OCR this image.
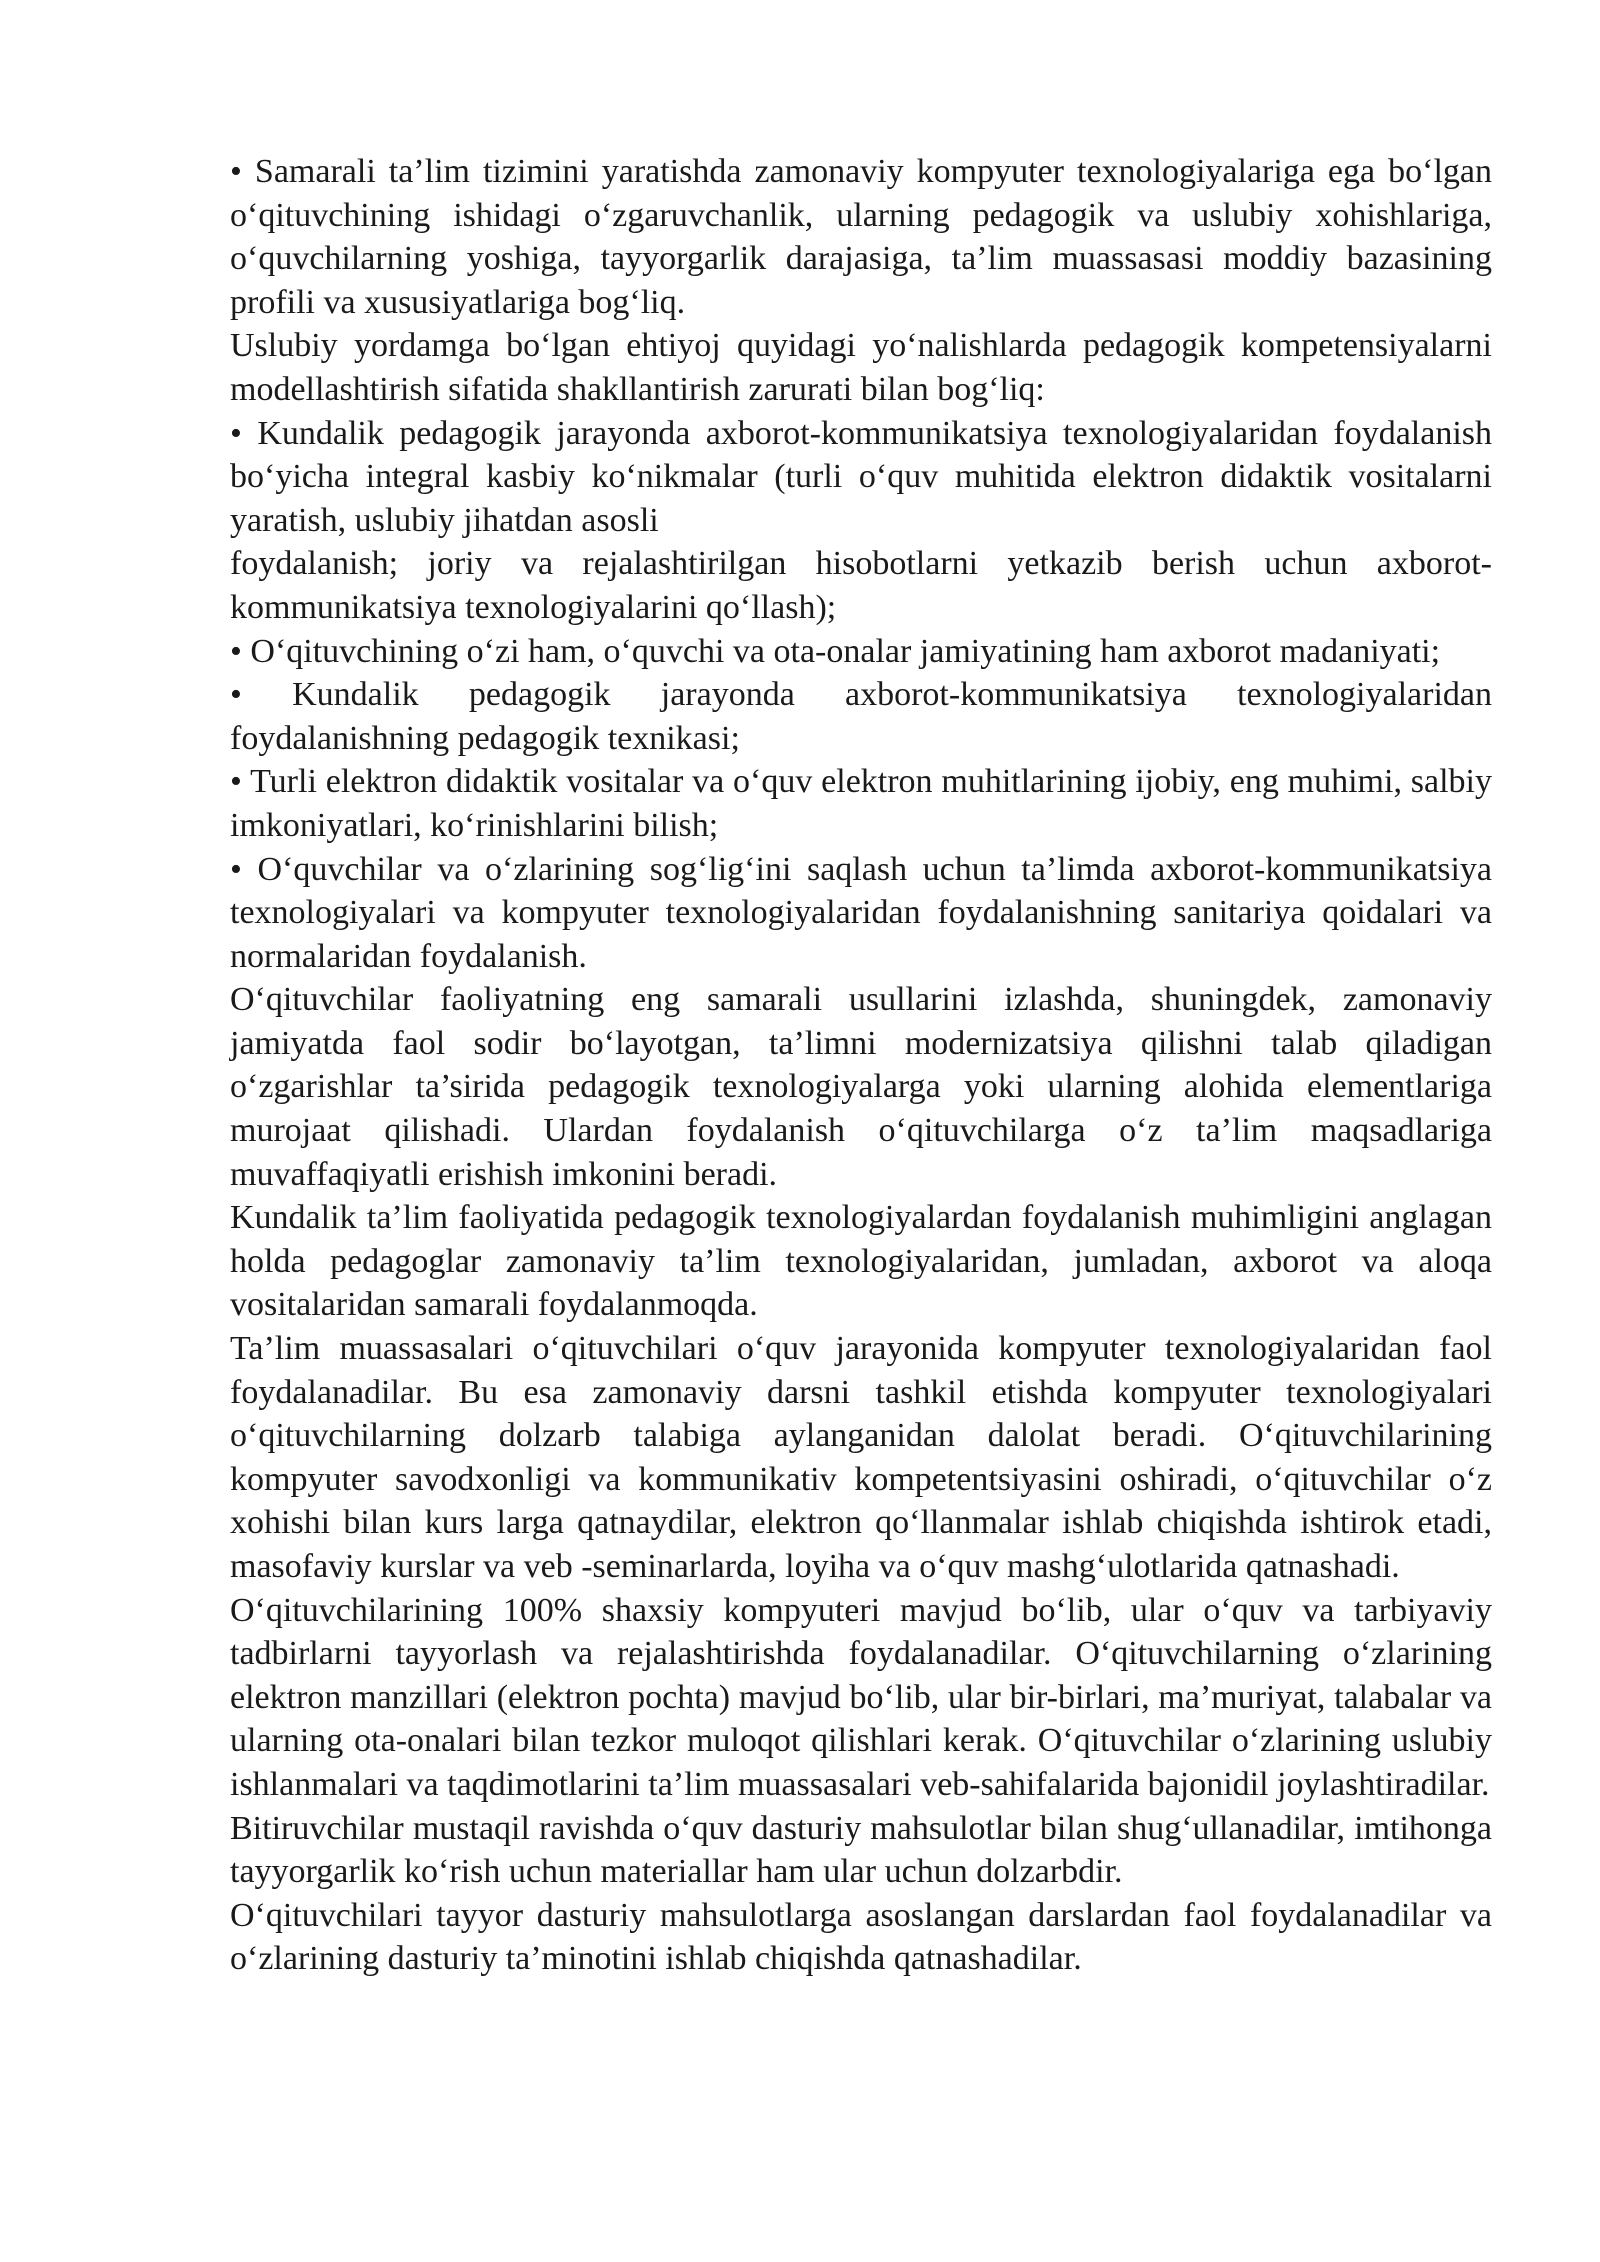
• Samarali ta’lim tizimini yaratishda zamonaviy kompyuter texnologiyalariga ega bo‘lgan o‘qituvchining ishidagi o‘zgaruvchanlik, ularning pedagogik va uslubiy xohishlariga, o‘quvchilarning yoshiga, tayyorgarlik darajasiga, ta’lim muassasasi moddiy bazasining profili va xususiyatlariga bog‘liq.

Uslubiy yordamga bo‘lgan ehtiyoj quyidagi yo‘nalishlarda pedagogik kompetensiyalarni modellashtirish sifatida shakllantirish zarurati bilan bog‘liq:

• Kundalik pedagogik jarayonda axborot-kommunikatsiya texnologiyalaridan foydalanish bo‘yicha integral kasbiy ko‘nikmalar (turli o‘quv muhitida elektron didaktik vositalarni yaratish, uslubiy jihatdan asosli

foydalanish; joriy va rejalashtirilgan hisobotlarni yetkazib berish uchun axborot-kommunikatsiya texnologiyalarini qo‘llash);

• O‘qituvchining o‘zi ham, o‘quvchi va ota-onalar jamiyatining ham axborot madaniyati;

• Kundalik pedagogik jarayonda axborot-kommunikatsiya texnologiyalaridan foydalanishning pedagogik texnikasi;

• Turli elektron didaktik vositalar va o‘quv elektron muhitlarining ijobiy, eng muhimi, salbiy imkoniyatlari, ko‘rinishlarini bilish;

• O‘quvchilar va o‘zlarining sog‘lig‘ini saqlash uchun ta’limda axborot-kommunikatsiya texnologiyalari va kompyuter texnologiyalaridan foydalanishning sanitariya qoidalari va normalaridan foydalanish.

O‘qituvchilar faoliyatning eng samarali usullarini izlashda, shuningdek, zamonaviy jamiyatda faol sodir bo‘layotgan, ta’limni modernizatsiya qilishni talab qiladigan o‘zgarishlar ta’sirida pedagogik texnologiyalarga yoki ularning alohida elementlariga murojaat qilishadi. Ulardan foydalanish o‘qituvchilarga o‘z ta’lim maqsadlariga muvaffaqiyatli erishish imkonini beradi.

Kundalik ta’lim faoliyatida pedagogik texnologiyalardan foydalanish muhimligini anglagan holda pedagoglar zamonaviy ta’lim texnologiyalaridan, jumladan, axborot va aloqa vositalaridan samarali foydalanmoqda.

Ta’lim muassasalari o‘qituvchilari o‘quv jarayonida kompyuter texnologiyalaridan faol foydalanadilar. Bu esa zamonaviy darsni tashkil etishda kompyuter texnologiyalari o‘qituvchilarning dolzarb talabiga aylanganidan dalolat beradi. O‘qituvchilarining kompyuter savodxonligi va kommunikativ kompetentsiyasini oshiradi, o‘qituvchilar o‘z xohishi bilan kurs larga qatnaydilar, elektron qo‘llanmalar ishlab chiqishda ishtirok etadi, masofaviy kurslar va veb -seminarlarda, loyiha va o‘quv mashg‘ulotlarida qatnashadi.

O‘qituvchilarining 100% shaxsiy kompyuteri mavjud bo‘lib, ular o‘quv va tarbiyaviy tadbirlarni tayyorlash va rejalashtirishda foydalanadilar. O‘qituvchilarning o‘zlarining elektron manzillari (elektron pochta) mavjud bo‘lib, ular bir-birlari, ma’muriyat, talabalar va ularning ota-onalari bilan tezkor muloqot qilishlari kerak. O‘qituvchilar o‘zlarining uslubiy ishlanmalari va taqdimotlarini ta’lim muassasalari veb-sahifalarida bajonidil joylashtiradilar.

Bitiruvchilar mustaqil ravishda o‘quv dasturiy mahsulotlar bilan shug‘ullanadilar, imtihonga tayyorgarlik ko‘rish uchun materiallar ham ular uchun dolzarbdir.

O‘qituvchilari tayyor dasturiy mahsulotlarga asoslangan darslardan faol foydalanadilar va o‘zlarining dasturiy ta’minotini ishlab chiqishda qatnashadilar.
